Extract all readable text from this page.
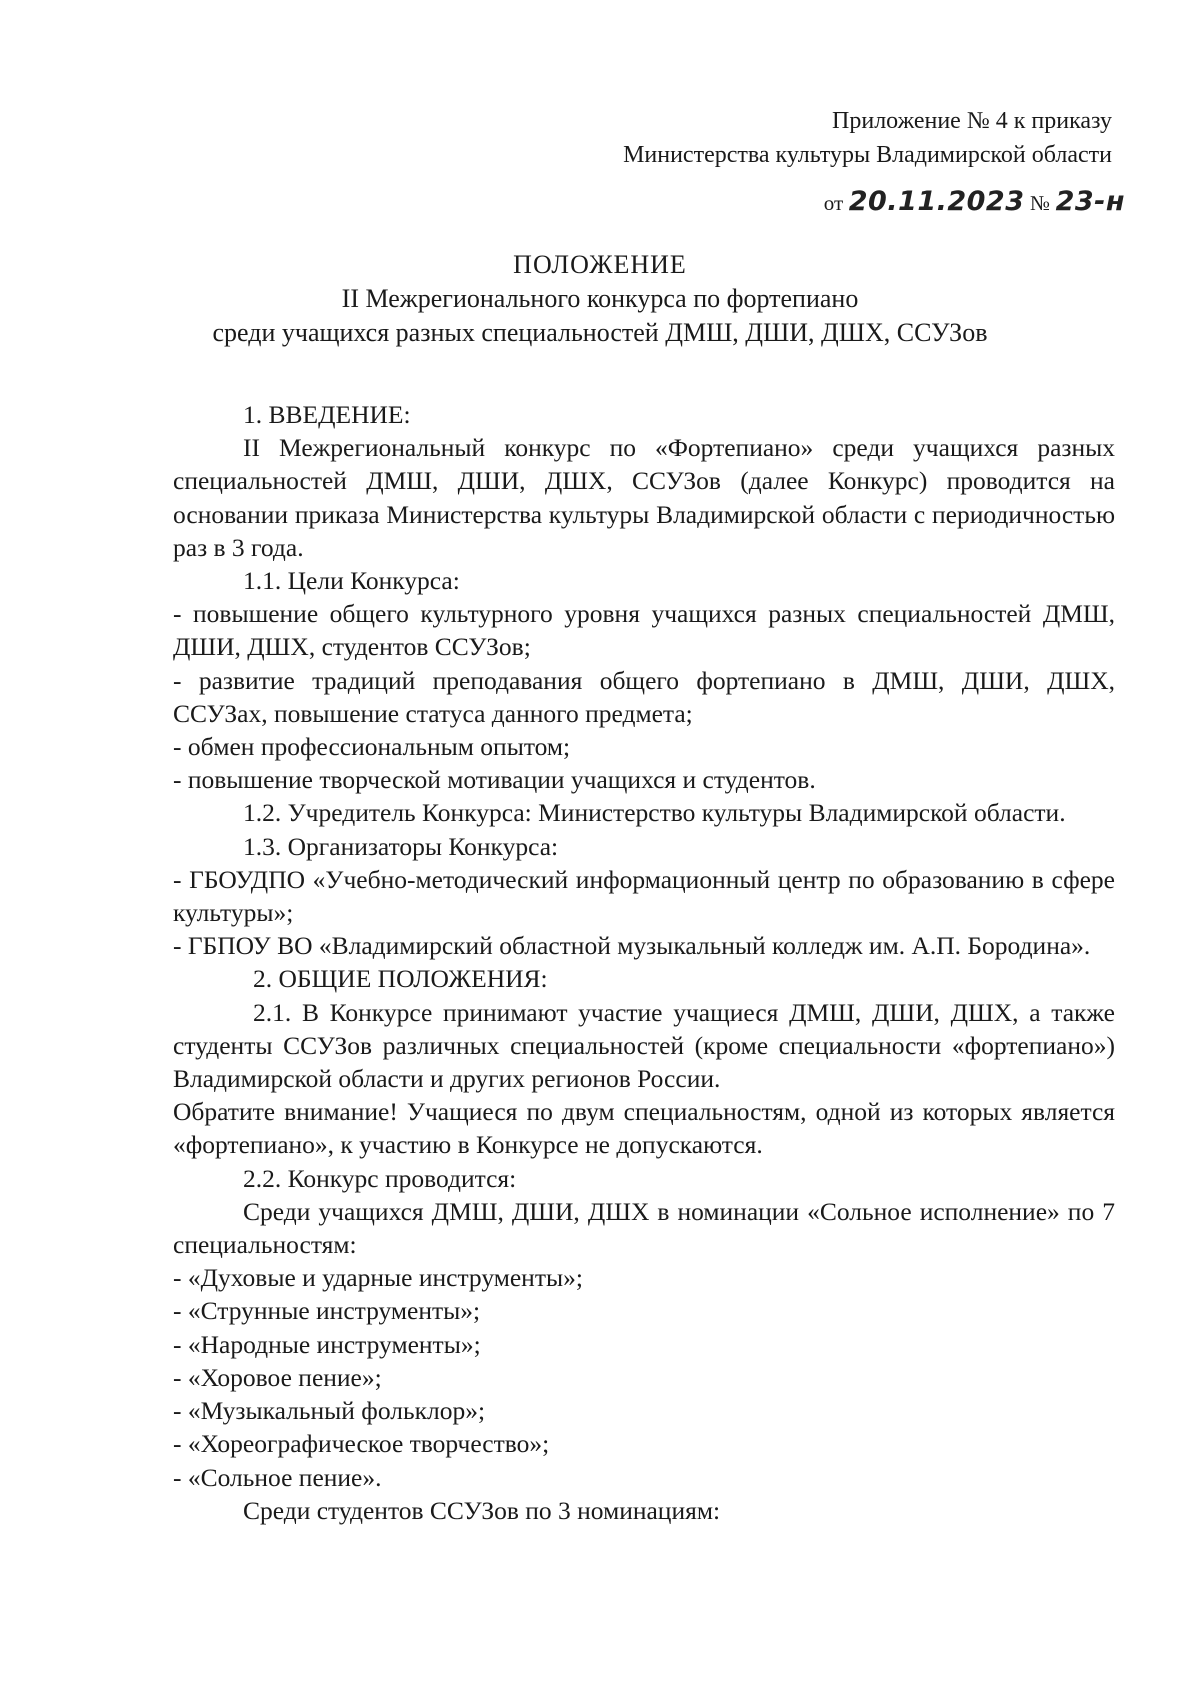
Приложение № 4 к приказу
Министерства культуры Владимирской области
от 20.11.2023 № 23-н
ПОЛОЖЕНИЕ
II Межрегионального конкурса по фортепиано
среди учащихся разных специальностей ДМШ, ДШИ, ДШХ, ССУЗов

1. ВВЕДЕНИЕ:

II Межрегиональный конкурс по «Фортепиано» среди учащихся разных специальностей ДМШ, ДШИ, ДШХ, ССУЗов (далее Конкурс) проводится на основании приказа Министерства культуры Владимирской области с периодичностью раз в 3 года.

1.1. Цели Конкурса:

- повышение общего культурного уровня учащихся разных специальностей ДМШ, ДШИ, ДШХ, студентов ССУЗов;

- развитие традиций преподавания общего фортепиано в ДМШ, ДШИ, ДШХ, ССУЗах, повышение статуса данного предмета;

- обмен профессиональным опытом;

- повышение творческой мотивации учащихся и студентов.

1.2. Учредитель Конкурса: Министерство культуры Владимирской области.

1.3. Организаторы Конкурса:

- ГБОУДПО «Учебно-методический информационный центр по образованию в сфере культуры»;

- ГБПОУ ВО «Владимирский областной музыкальный колледж им. А.П. Бородина».

2. ОБЩИЕ ПОЛОЖЕНИЯ:

2.1. В Конкурсе принимают участие учащиеся ДМШ, ДШИ, ДШХ, а также студенты ССУЗов различных специальностей (кроме специальности «фортепиано») Владимирской области и других регионов России.

Обратите внимание! Учащиеся по двум специальностям, одной из которых является «фортепиано», к участию в Конкурсе не допускаются.

2.2. Конкурс проводится:

Среди учащихся ДМШ, ДШИ, ДШХ в номинации «Сольное исполнение» по 7 специальностям:

- «Духовые и ударные инструменты»;

- «Струнные инструменты»;

- «Народные инструменты»;

- «Хоровое пение»;

- «Музыкальный фольклор»;

- «Хореографическое творчество»;

- «Сольное пение».

Среди студентов ССУЗов по 3 номинациям:
